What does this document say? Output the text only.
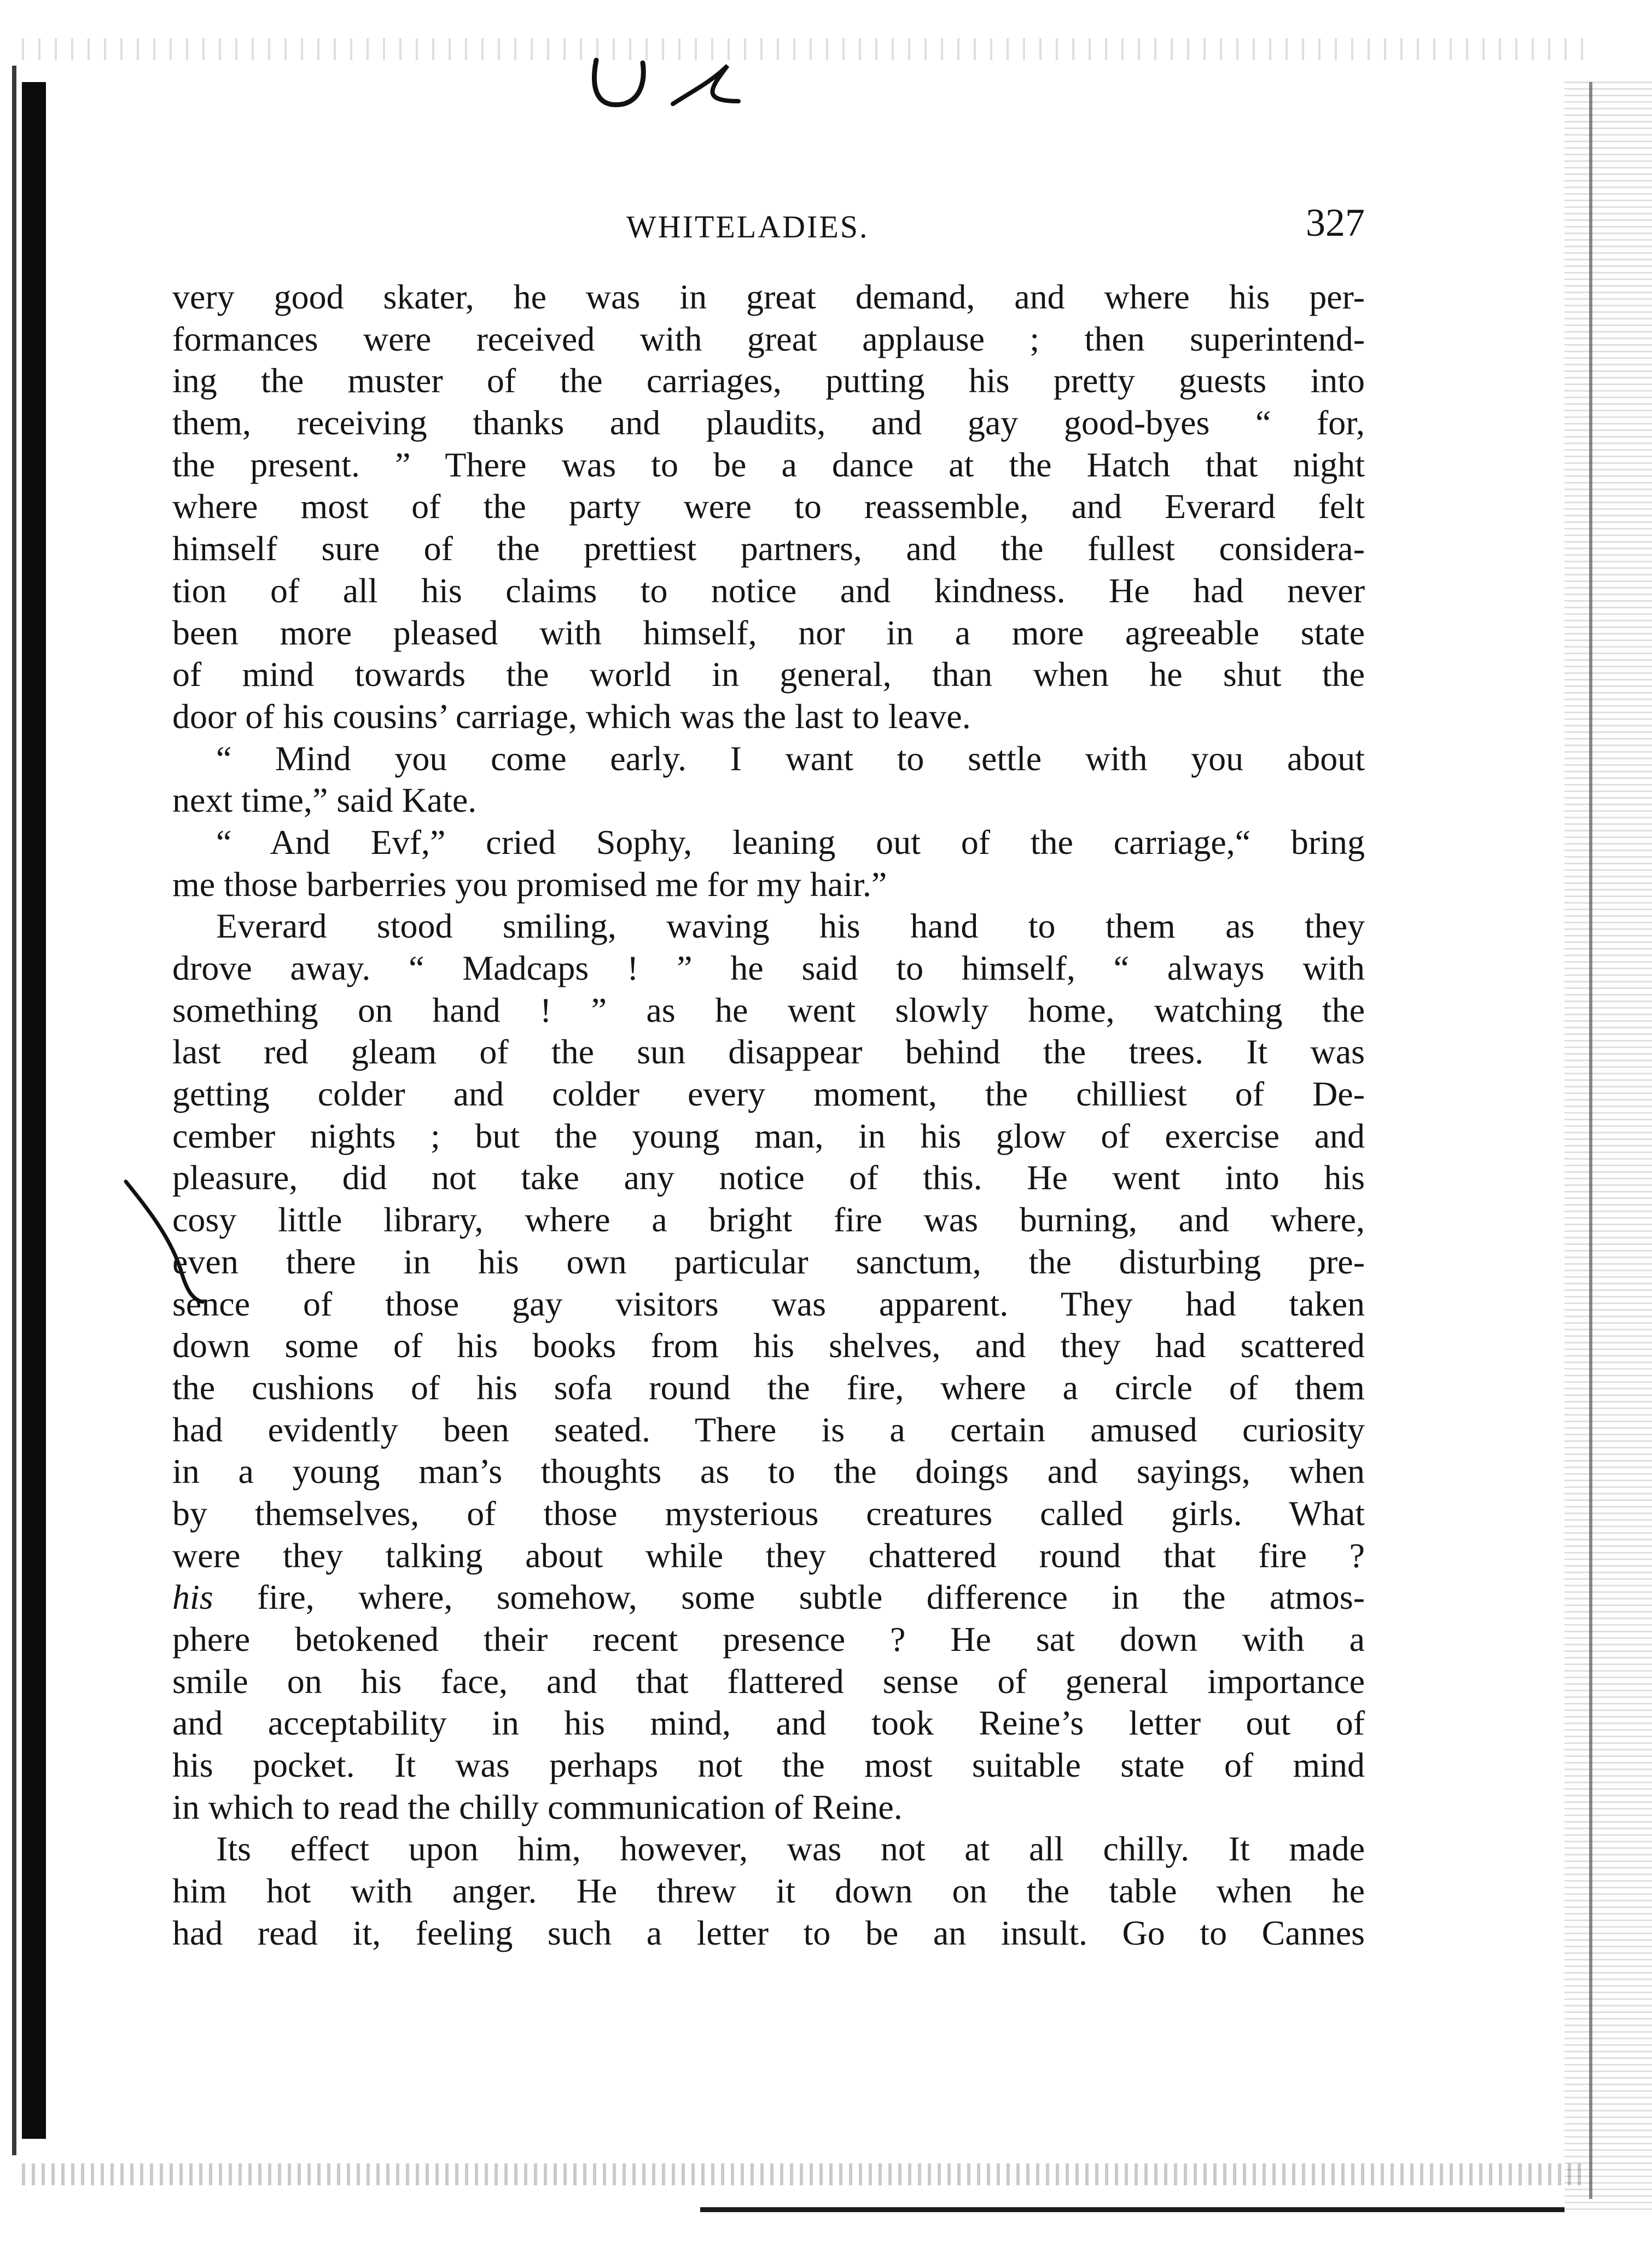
WHITELADIES.	327
very good skater, he was in great demand, and where his per-
formances were received with great applause ; then superintend-
ing the muster of the carriages, putting his pretty guests into
them, receiving thanks and plaudits, and gay good-byes “ for,
the present. ” There was to be a dance at the Hatch that night
where most of the party were to reassemble, and Everard felt
himself sure of the prettiest partners, and the fullest considera-
tion of all his claims to notice and kindness. He had never
been more pleased with himself, nor in a more agreeable state
of mind towards the world in general, than when he shut the
door of his cousins’ carriage, which was the last to leave.
“ Mind you come early. I want to settle with you about
next time,” said Kate.
“ And Evf,” cried Sophy, leaning out of the carriage,“ bring
me those barberries you promised me for my hair.”
Everard stood smiling, waving his hand to them as they
drove away. “ Madcaps ! ” he said to himself, “ always with
something on hand ! ” as he went slowly home, watching the
last red gleam of the sun disappear behind the trees. It was
getting colder and colder every moment, the chilliest of De-
cember nights ; but the young man, in his glow of exercise and
pleasure, did not take any notice of this. He went into his
cosy little library, where a bright fire was burning, and where,
even there in his own particular sanctum, the disturbing pre-
sence of those gay visitors was apparent. They had taken
down some of his books from his shelves, and they had scattered
the cushions of his sofa round the fire, where a circle of them
had evidently been seated. There is a certain amused curiosity
in a young man’s thoughts as to the doings and sayings, when
by themselves, of those mysterious creatures called girls. What
were they talking about while they chattered round that fire ?
his fire, where, somehow, some subtle difference in the atmos-
phere betokened their recent presence ? He sat down with a
smile on his face, and that flattered sense of general importance
and acceptability in his mind, and took Reine’s letter out of
his pocket. It was perhaps not the most suitable state of mind
in which to read the chilly communication of Reine.
Its effect upon him, however, was not at all chilly. It made
him hot with anger. He threw it down on the table when he
had read it, feeling such a letter to be an insult. Go to Cannes
